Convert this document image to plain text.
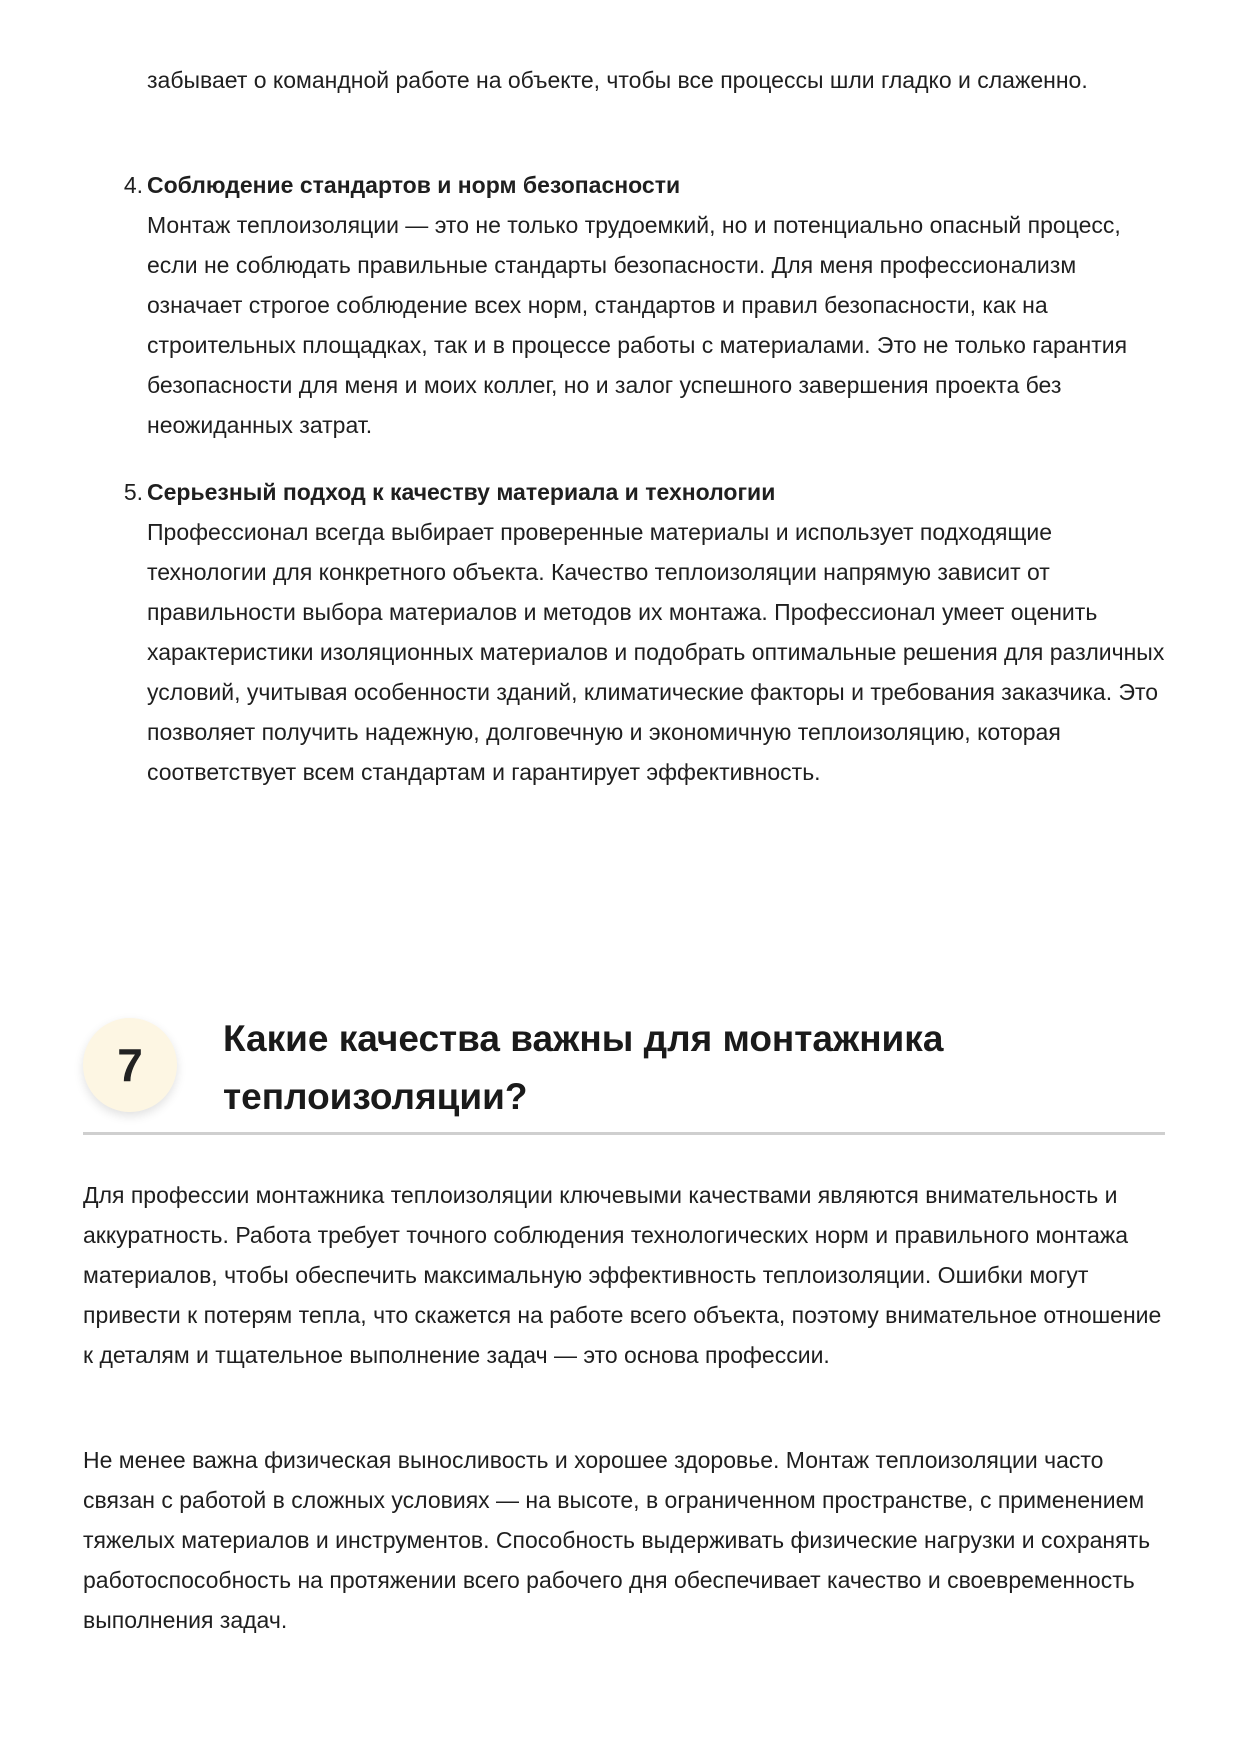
забывает о командной работе на объекте, чтобы все процессы шли гладко и слаженно.

4. Соблюдение стандартов и норм безопасности
Монтаж теплоизоляции — это не только трудоемкий, но и потенциально опасный процесс, если не соблюдать правильные стандарты безопасности. Для меня профессионализм означает строгое соблюдение всех норм, стандартов и правил безопасности, как на строительных площадках, так и в процессе работы с материалами. Это не только гарантия безопасности для меня и моих коллег, но и залог успешного завершения проекта без неожиданных затрат.
5. Серьезный подход к качеству материала и технологии
Профессионал всегда выбирает проверенные материалы и использует подходящие технологии для конкретного объекта. Качество теплоизоляции напрямую зависит от правильности выбора материалов и методов их монтажа. Профессионал умеет оценить характеристики изоляционных материалов и подобрать оптимальные решения для различных условий, учитывая особенности зданий, климатические факторы и требования заказчика. Это позволяет получить надежную, долговечную и экономичную теплоизоляцию, которая соответствует всем стандартам и гарантирует эффективность.
7
Какие качества важны для монтажника теплоизоляции?

Для профессии монтажника теплоизоляции ключевыми качествами являются внимательность и аккуратность. Работа требует точного соблюдения технологических норм и правильного монтажа материалов, чтобы обеспечить максимальную эффективность теплоизоляции. Ошибки могут привести к потерям тепла, что скажется на работе всего объекта, поэтому внимательное отношение к деталям и тщательное выполнение задач — это основа профессии.

Не менее важна физическая выносливость и хорошее здоровье. Монтаж теплоизоляции часто связан с работой в сложных условиях — на высоте, в ограниченном пространстве, с применением тяжелых материалов и инструментов. Способность выдерживать физические нагрузки и сохранять работоспособность на протяжении всего рабочего дня обеспечивает качество и своевременность выполнения задач.
